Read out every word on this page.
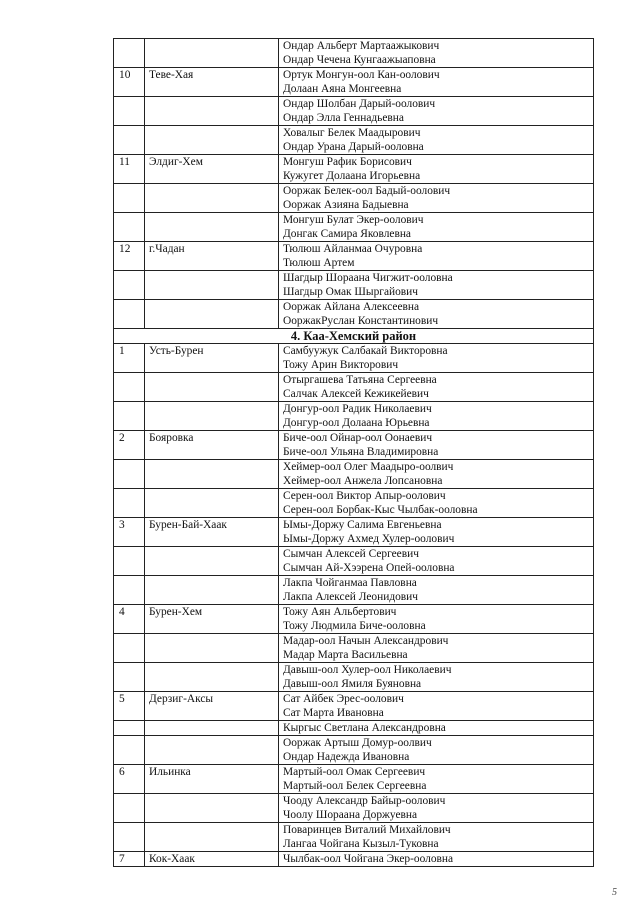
		Ондар Альберт Мартаажыкович
Ондар Чечена Кунгаажыаповна

10	Теве-Хая	Ортук Монгун-оол Кан-оолович
Долаан Аяна Монгеевна

		Ондар Шолбан Дарый-оолович
Ондар Элла Геннадьевна

		Ховалыг Белек Маадырович
Ондар Урана Дарый-ооловна

11	Элдиг-Хем	Монгуш Рафик Борисович
Кужугет Долаана Игорьевна

		Ооржак Белек-оол Бадый-оолович
Ооржак Азияна Бадыевна

		Монгуш Булат Экер-оолович
Донгак Самира Яковлевна

12	г.Чадан	Тюлюш Айланмаа Очуровна
Тюлюш Артем

		Шагдыр Шораана Чигжит-ооловна
Шагдыр Омак Шыргайович

		Ооржак Айлана Алексеевна
ОоржакРуслан Константинович

4. Каа-Хемский район		
1	Усть-Бурен	Самбуужук Салбакай Викторовна
Тожу Арин Викторович

		Отыргашева Татьяна Сергеевна
Салчак Алексей Кежикейевич

		Донгур-оол Радик Николаевич
Донгур-оол Долаана Юрьевна

2	Бояровка	Биче-оол Ойнар-оол Оонаевич
Биче-оол Ульяна Владимировна

		Хеймер-оол Олег Маадыро-оолвич
Хеймер-оол Анжела Лопсановна

		Серен-оол Виктор Апыр-оолович
Серен-оол Борбак-Кыс Чылбак-ооловна

3	Бурен-Бай-Хаак	Ымы-Доржу Салима Евгеньевна
Ымы-Доржу Ахмед Хулер-оолович

		Сымчан Алексей Сергеевич
Сымчан Ай-Хээрена Опей-ооловна

		Лакпа Чойганмаа Павловна
Лакпа Алексей Леонидович

4	Бурен-Хем	Тожу Аян Альбертович
Тожу Людмила Биче-ооловна

		Мадар-оол Начын Александрович
Мадар Марта Васильевна

		Давыш-оол Хулер-оол Николаевич
Давыш-оол Ямиля Буяновна

5	Дерзиг-Аксы	Сат Айбек Эрес-оолович
Сат Марта Ивановна

		Кыргыс Светлана Александровна

		Ооржак Артыш Домур-оолвич
Ондар Надежда Ивановна

6	Ильинка	Мартый-оол Омак Сергеевич
Мартый-оол Белек Сергеевна

		Чооду Александр Байыр-оолович
Чоолу Шораана Доржуевна

		Поваринцев Виталий Михайлович
Лангаа Чойгана Кызыл-Туковна

7	Кок-Хаак	Чылбак-оол Чойгана Экер-ооловна
5
